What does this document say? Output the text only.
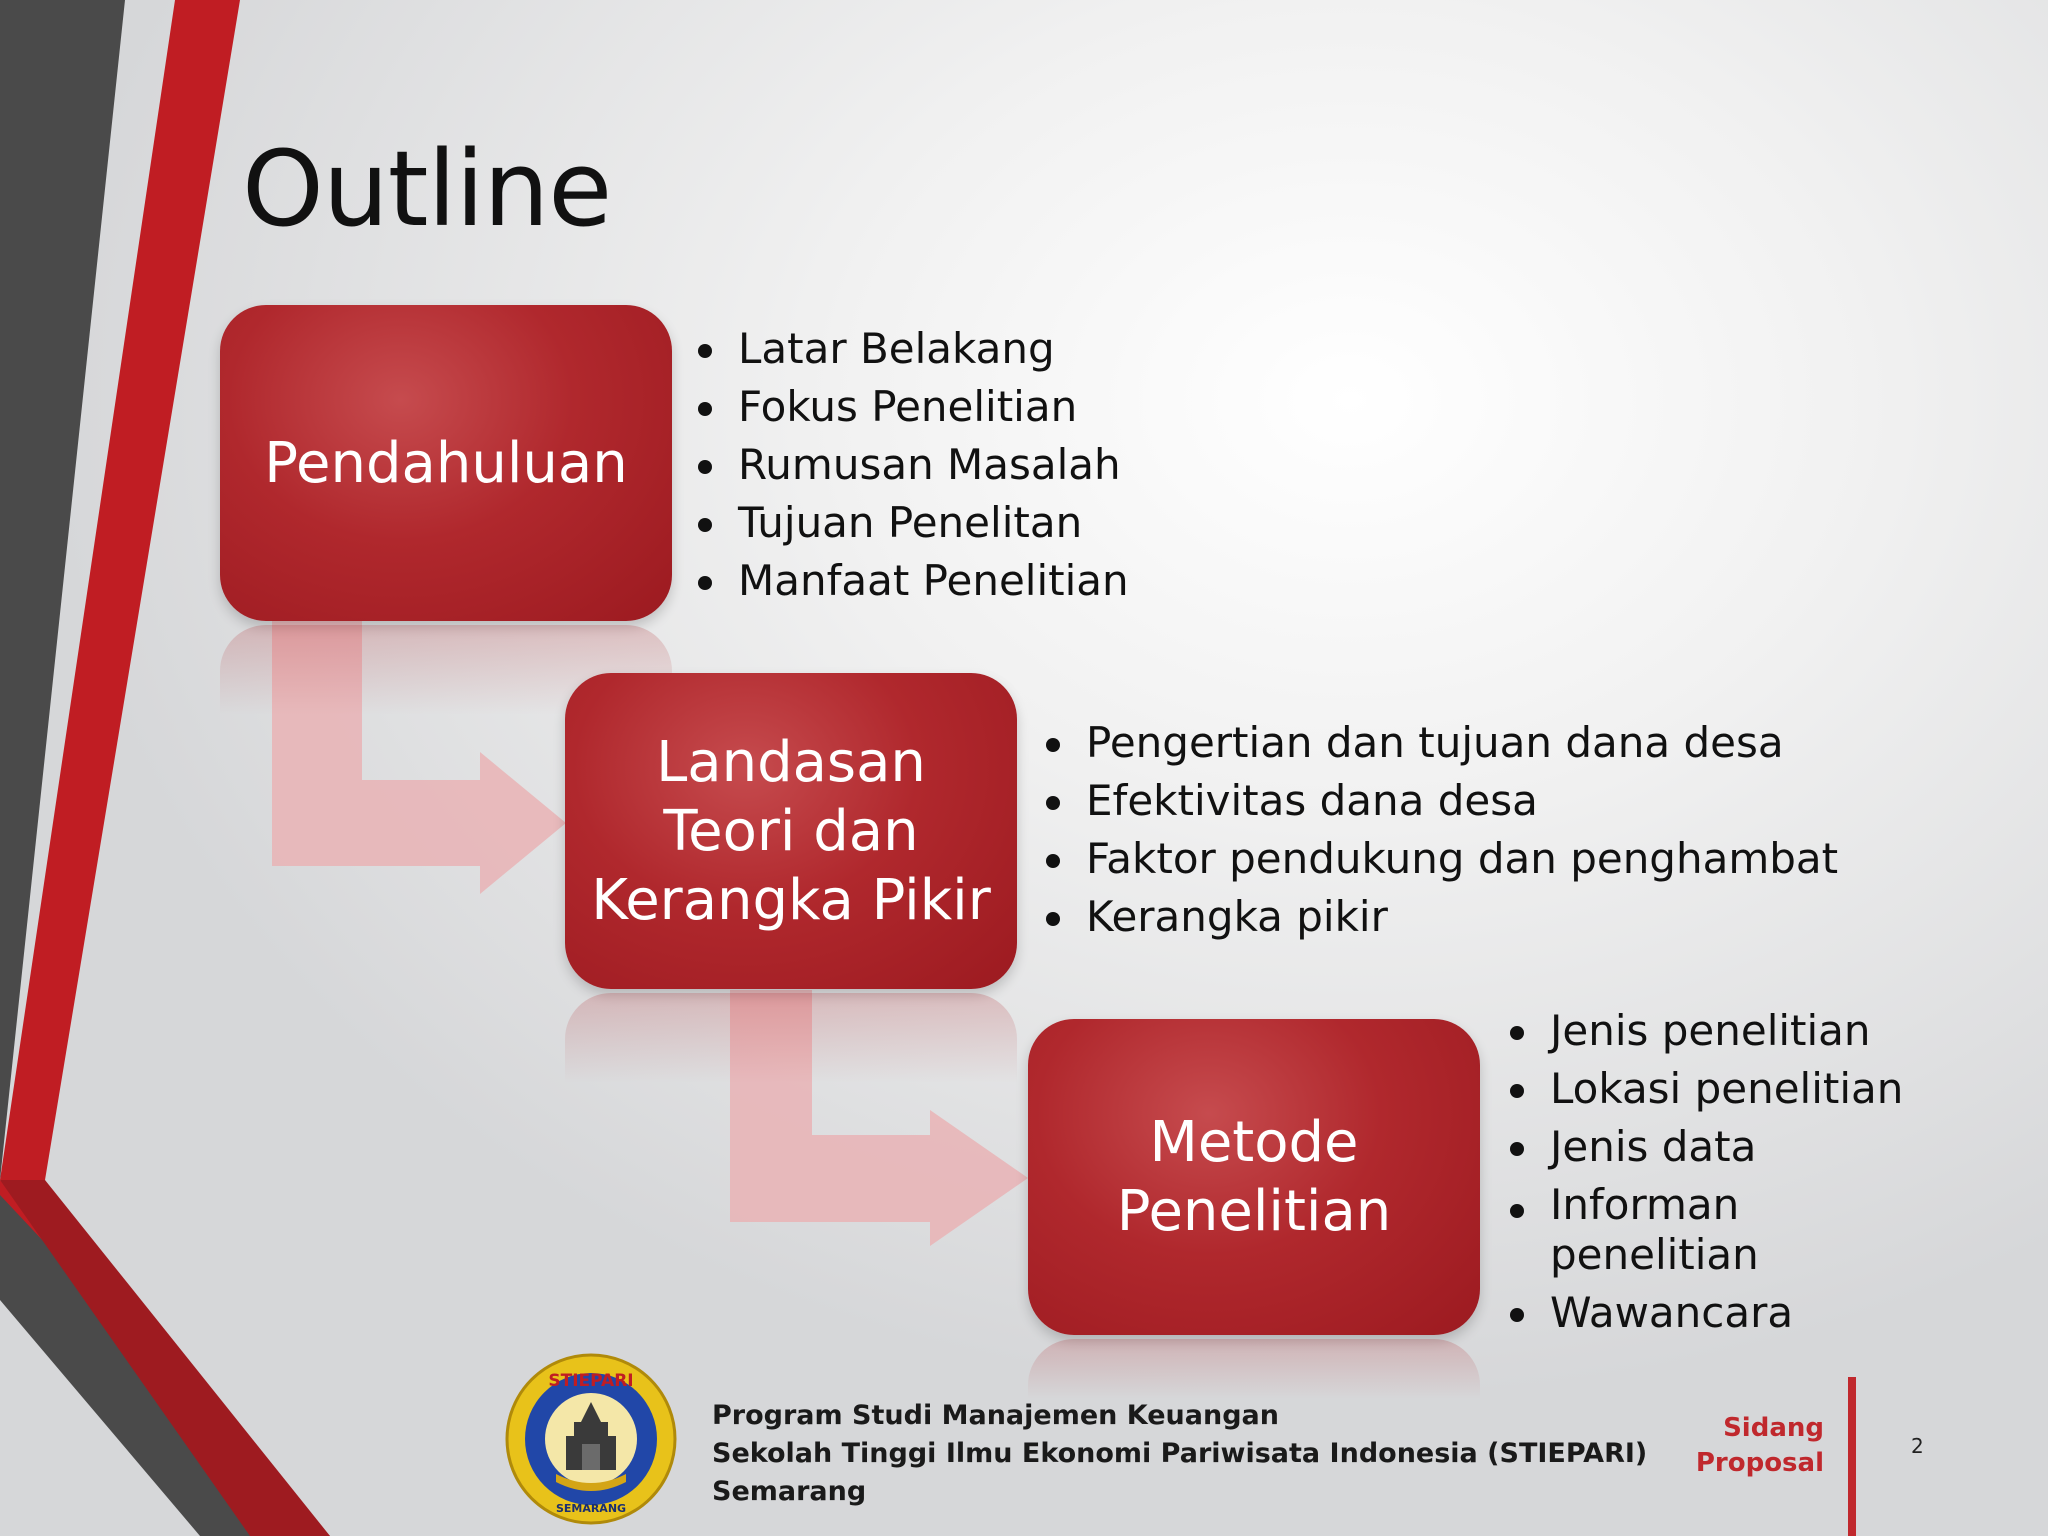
Outline
Pendahuluan
Latar Belakang
Fokus Penelitian
Rumusan Masalah
Tujuan Penelitan
Manfaat Penelitian
Landasan
Teori dan
Kerangka Pikir
Pengertian dan tujuan dana desa
Efektivitas dana desa
Faktor pendukung dan penghambat
Kerangka pikir
Metode
Penelitian
Jenis penelitian
Lokasi penelitian
Jenis data
Informan
penelitian
Wawancara
STIEPARI
SEMARANG
Program Studi Manajemen Keuangan
Sekolah Tinggi Ilmu Ekonomi Pariwisata Indonesia (STIEPARI)
Semarang
Sidang
Proposal
2
